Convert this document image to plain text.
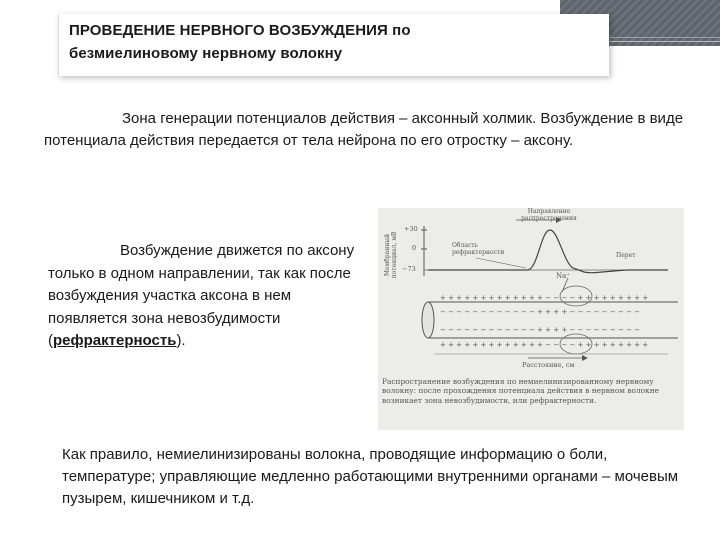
ПРОВЕДЕНИЕ НЕРВНОГО ВОЗБУЖДЕНИЯ по
безмиелиновому нервному волокну
Зона генерации потенциалов действия – аксонный холмик. Возбуждение в виде потенциала действия передается от тела нейрона по его отростку – аксону.
Возбуждение движется по аксону только в одном направлении, так как после возбуждения участка аксона в нем появляется зона невозбудимости (рефрактерность).
+ + + + + + + + + + + + + − − − − + + + + + + + + +
− − − − − − − − − − − − + + + + − − − − − − − − −
− − − − − − − − − − − − + + + + − − − − − − − − −
+ + + + + + + + + + + + + − − − − + + + + + + + + +
Направление распространения
Мембранный потенциал, мВ
+30
0
−73
Область рефрактерности
Na⁺
Перет
Расстояние, см
Распространение возбуждения по немиелинизированному нервному волокну: после прохождения потенциала действия в нервном волокне возникает зона невозбудимости, или рефрактерности.
Как правило, немиелинизированы волокна, проводящие информацию о боли, температуре; управляющие медленно работающими внутренними органами – мочевым пузырем, кишечником и т.д.
